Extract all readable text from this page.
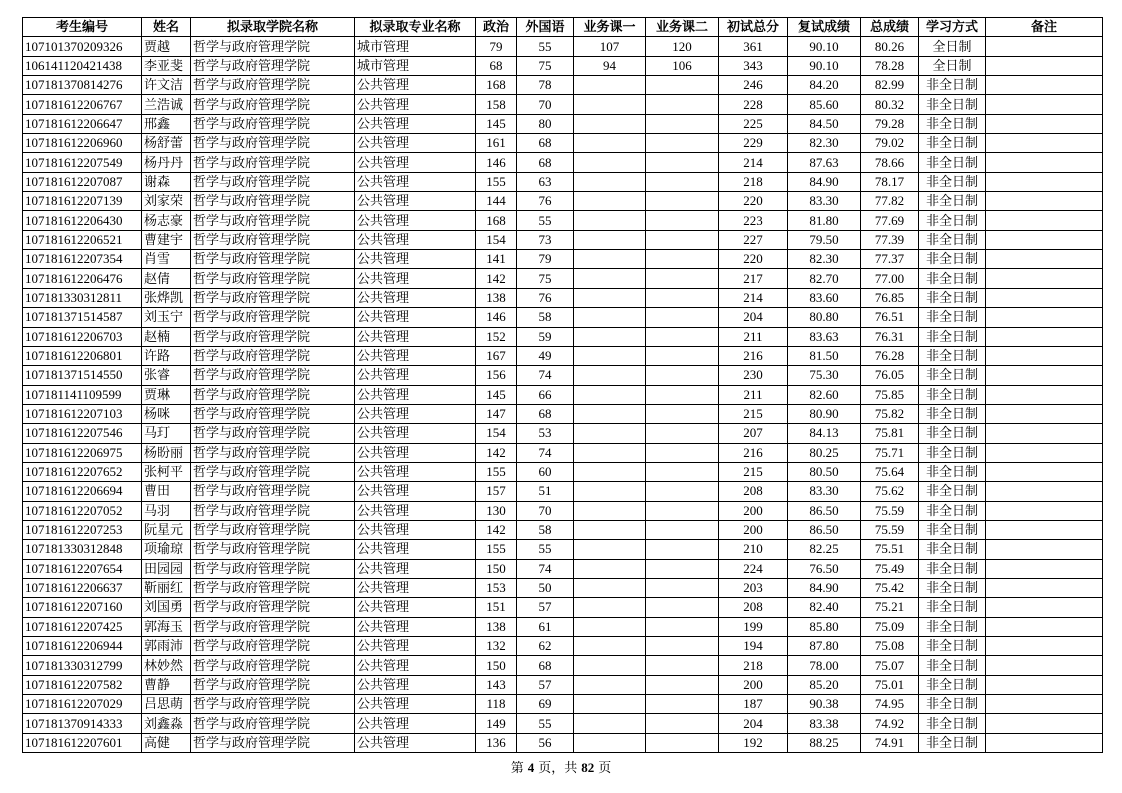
考生编号	姓名	拟录取学院名称	拟录取专业名称	政治	外国语	业务课一	业务课二	初试总分	复试成绩	总成绩	学习方式	备注
107101370209326	贾越	哲学与政府管理学院	城市管理	79	55	107	120	361	90.10	80.26	全日制	
106141120421438	李亚斐	哲学与政府管理学院	城市管理	68	75	94	106	343	90.10	78.28	全日制	
107181370814276	许文洁	哲学与政府管理学院	公共管理	168	78			246	84.20	82.99	非全日制	
107181612206767	兰浩诚	哲学与政府管理学院	公共管理	158	70			228	85.60	80.32	非全日制	
107181612206647	邢鑫	哲学与政府管理学院	公共管理	145	80			225	84.50	79.28	非全日制	
107181612206960	杨舒蕾	哲学与政府管理学院	公共管理	161	68			229	82.30	79.02	非全日制	
107181612207549	杨丹丹	哲学与政府管理学院	公共管理	146	68			214	87.63	78.66	非全日制	
107181612207087	谢森	哲学与政府管理学院	公共管理	155	63			218	84.90	78.17	非全日制	
107181612207139	刘家荣	哲学与政府管理学院	公共管理	144	76			220	83.30	77.82	非全日制	
107181612206430	杨志豪	哲学与政府管理学院	公共管理	168	55			223	81.80	77.69	非全日制	
107181612206521	曹建宇	哲学与政府管理学院	公共管理	154	73			227	79.50	77.39	非全日制	
107181612207354	肖雪	哲学与政府管理学院	公共管理	141	79			220	82.30	77.37	非全日制	
107181612206476	赵倩	哲学与政府管理学院	公共管理	142	75			217	82.70	77.00	非全日制	
107181330312811	张烨凯	哲学与政府管理学院	公共管理	138	76			214	83.60	76.85	非全日制	
107181371514587	刘玉宁	哲学与政府管理学院	公共管理	146	58			204	80.80	76.51	非全日制	
107181612206703	赵楠	哲学与政府管理学院	公共管理	152	59			211	83.63	76.31	非全日制	
107181612206801	许路	哲学与政府管理学院	公共管理	167	49			216	81.50	76.28	非全日制	
107181371514550	张睿	哲学与政府管理学院	公共管理	156	74			230	75.30	76.05	非全日制	
107181141109599	贾琳	哲学与政府管理学院	公共管理	145	66			211	82.60	75.85	非全日制	
107181612207103	杨咪	哲学与政府管理学院	公共管理	147	68			215	80.90	75.82	非全日制	
107181612207546	马玎	哲学与政府管理学院	公共管理	154	53			207	84.13	75.81	非全日制	
107181612206975	杨盼丽	哲学与政府管理学院	公共管理	142	74			216	80.25	75.71	非全日制	
107181612207652	张柯平	哲学与政府管理学院	公共管理	155	60			215	80.50	75.64	非全日制	
107181612206694	曹田	哲学与政府管理学院	公共管理	157	51			208	83.30	75.62	非全日制	
107181612207052	马羽	哲学与政府管理学院	公共管理	130	70			200	86.50	75.59	非全日制	
107181612207253	阮星元	哲学与政府管理学院	公共管理	142	58			200	86.50	75.59	非全日制	
107181330312848	项瑜琼	哲学与政府管理学院	公共管理	155	55			210	82.25	75.51	非全日制	
107181612207654	田园园	哲学与政府管理学院	公共管理	150	74			224	76.50	75.49	非全日制	
107181612206637	靳丽红	哲学与政府管理学院	公共管理	153	50			203	84.90	75.42	非全日制	
107181612207160	刘国勇	哲学与政府管理学院	公共管理	151	57			208	82.40	75.21	非全日制	
107181612207425	郭海玉	哲学与政府管理学院	公共管理	138	61			199	85.80	75.09	非全日制	
107181612206944	郭雨沛	哲学与政府管理学院	公共管理	132	62			194	87.80	75.08	非全日制	
107181330312799	林妙然	哲学与政府管理学院	公共管理	150	68			218	78.00	75.07	非全日制	
107181612207582	曹静	哲学与政府管理学院	公共管理	143	57			200	85.20	75.01	非全日制	
107181612207029	吕思萌	哲学与政府管理学院	公共管理	118	69			187	90.38	74.95	非全日制	
107181370914333	刘鑫淼	哲学与政府管理学院	公共管理	149	55			204	83.38	74.92	非全日制	
107181612207601	高健	哲学与政府管理学院	公共管理	136	56			192	88.25	74.91	非全日制	
第 4 页，共 82 页
